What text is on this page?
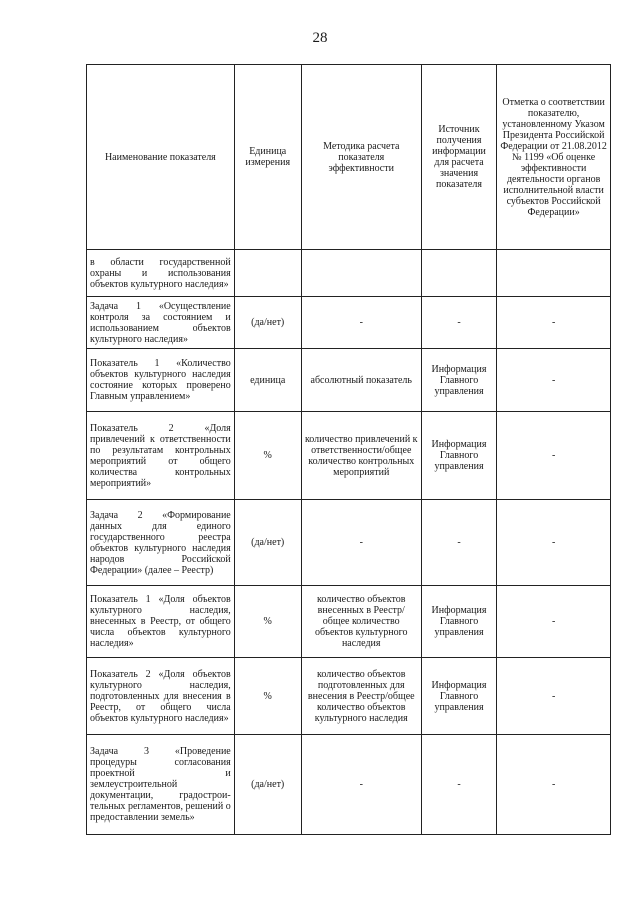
28
Наименование показателя	Единица измерения	Методика расчета показателя эффективности	Источник получения информации для расчета значения показателя	Отметка о соответствии показателю, установленному Указом Президента Российской Федерации от 21.08.2012 № 1199 «Об оценке эффективности деятельности органов исполнительной власти субъектов Российской Федерации»
в области государственной охраны и использования объектов культурного наследия»				
Задача 1 «Осуществление контроля за состоянием и использованием объектов культурного наследия»	(да/нет)	-	-	-
Показатель 1 «Количество объектов культурного наследия состояние которых проверено Главным управлением»	единица	абсолютный показатель	Информация Главного управления	-
Показатель 2 «Доля привлечений к ответственности по результатам контрольных мероприятий от общего количества контрольных мероприятий»	%	количество привлечений к ответственности/общее количество контрольных мероприятий	Информация Главного управления	-
Задача 2 «Формирование данных для единого государственного реестра объектов культурного наследия народов Российской Федерации» (далее – Реестр)	(да/нет)	-	-	-
Показатель 1 «Доля объектов культурного наследия, внесенных в Реестр, от общего числа объектов культурного наследия»	%	количество объектов внесенных в Реестр/общее количество объектов культурного наследия	Информация Главного управления	-
Показатель 2 «Доля объектов культурного наследия, подготовленных для внесения в Реестр, от общего числа объектов культурного наследия»	%	количество объектов подготовленных для внесения в Реестр/общее количество объектов культурного наследия	Информация Главного управления	-
Задача 3 «Проведение процедуры согласования проектной и землеустроительной документации, градострои-тельных регламентов, решений о предоставлении земель»	(да/нет)	-	-	-
